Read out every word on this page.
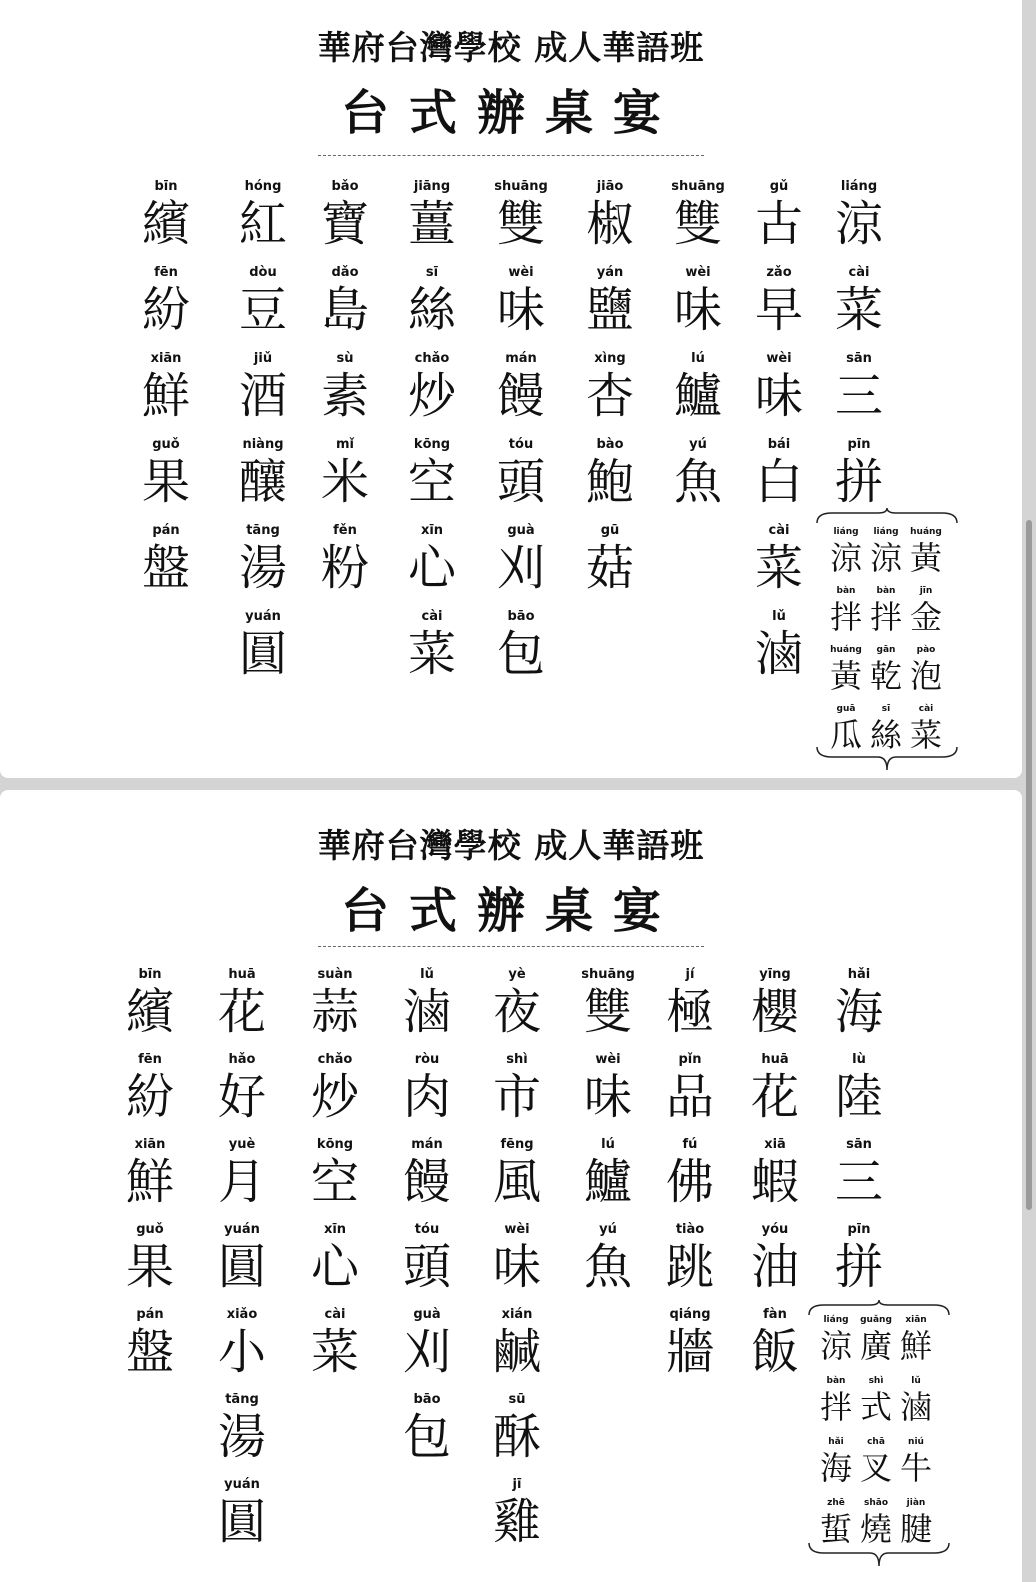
華府台灣學校 成人華語班
台式辦桌宴
bīn
繽
fēn
紛
xiān
鮮
guǒ
果
pán
盤
hóng
紅
dòu
豆
jiǔ
酒
niàng
釀
tāng
湯
yuán
圓
bǎo
寶
dǎo
島
sù
素
mǐ
米
fěn
粉
jiāng
薑
sī
絲
chǎo
炒
kōng
空
xīn
心
cài
菜
shuāng
雙
wèi
味
mán
饅
tóu
頭
guà
刈
bāo
包
jiāo
椒
yán
鹽
xìng
杏
bào
鮑
gū
菇
shuāng
雙
wèi
味
lú
鱸
yú
魚
gǔ
古
zǎo
早
wèi
味
bái
白
cài
菜
lǔ
滷
liáng
涼
cài
菜
sān
三
pīn
拼
liáng
涼
bàn
拌
huáng
黃
guā
瓜
liáng
涼
bàn
拌
gān
乾
sī
絲
huáng
黃
jīn
金
pào
泡
cài
菜
華府台灣學校 成人華語班
台式辦桌宴
bīn
繽
fēn
紛
xiān
鮮
guǒ
果
pán
盤
huā
花
hǎo
好
yuè
月
yuán
圓
xiǎo
小
tāng
湯
yuán
圓
suàn
蒜
chǎo
炒
kōng
空
xīn
心
cài
菜
lǔ
滷
ròu
肉
mán
饅
tóu
頭
guà
刈
bāo
包
yè
夜
shì
市
fēng
風
wèi
味
xián
鹹
sū
酥
jī
雞
shuāng
雙
wèi
味
lú
鱸
yú
魚
jí
極
pǐn
品
fú
佛
tiào
跳
qiáng
牆
yīng
櫻
huā
花
xiā
蝦
yóu
油
fàn
飯
hǎi
海
lù
陸
sān
三
pīn
拼
liáng
涼
bàn
拌
hǎi
海
zhē
蜇
guǎng
廣
shì
式
chā
叉
shāo
燒
xiān
鮮
lǔ
滷
niú
牛
jiàn
腱
